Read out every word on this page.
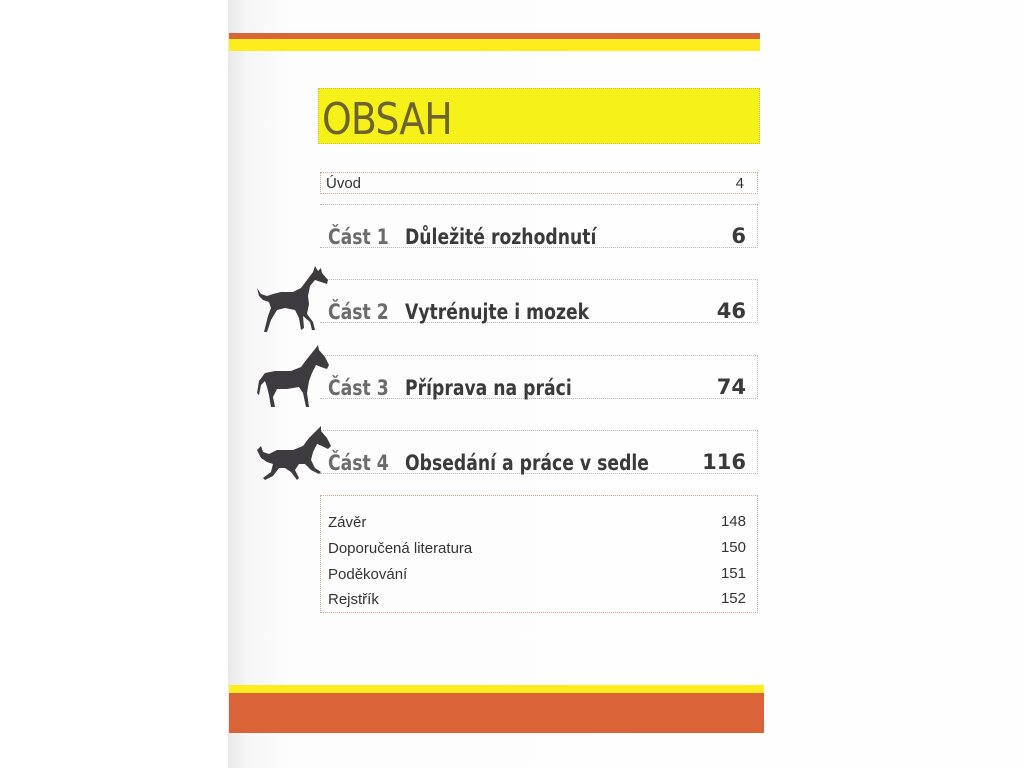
OBSAH
Úvod	4
Část 1 Důležité rozhodnutí	6
Část 2 Vytrénujte i mozek	46
Část 3 Příprava na práci	74
Část 4 Obsedání a práce v sedle	116
Závěr	148
Doporučená literatura	150
Poděkování	151
Rejstřík	152
